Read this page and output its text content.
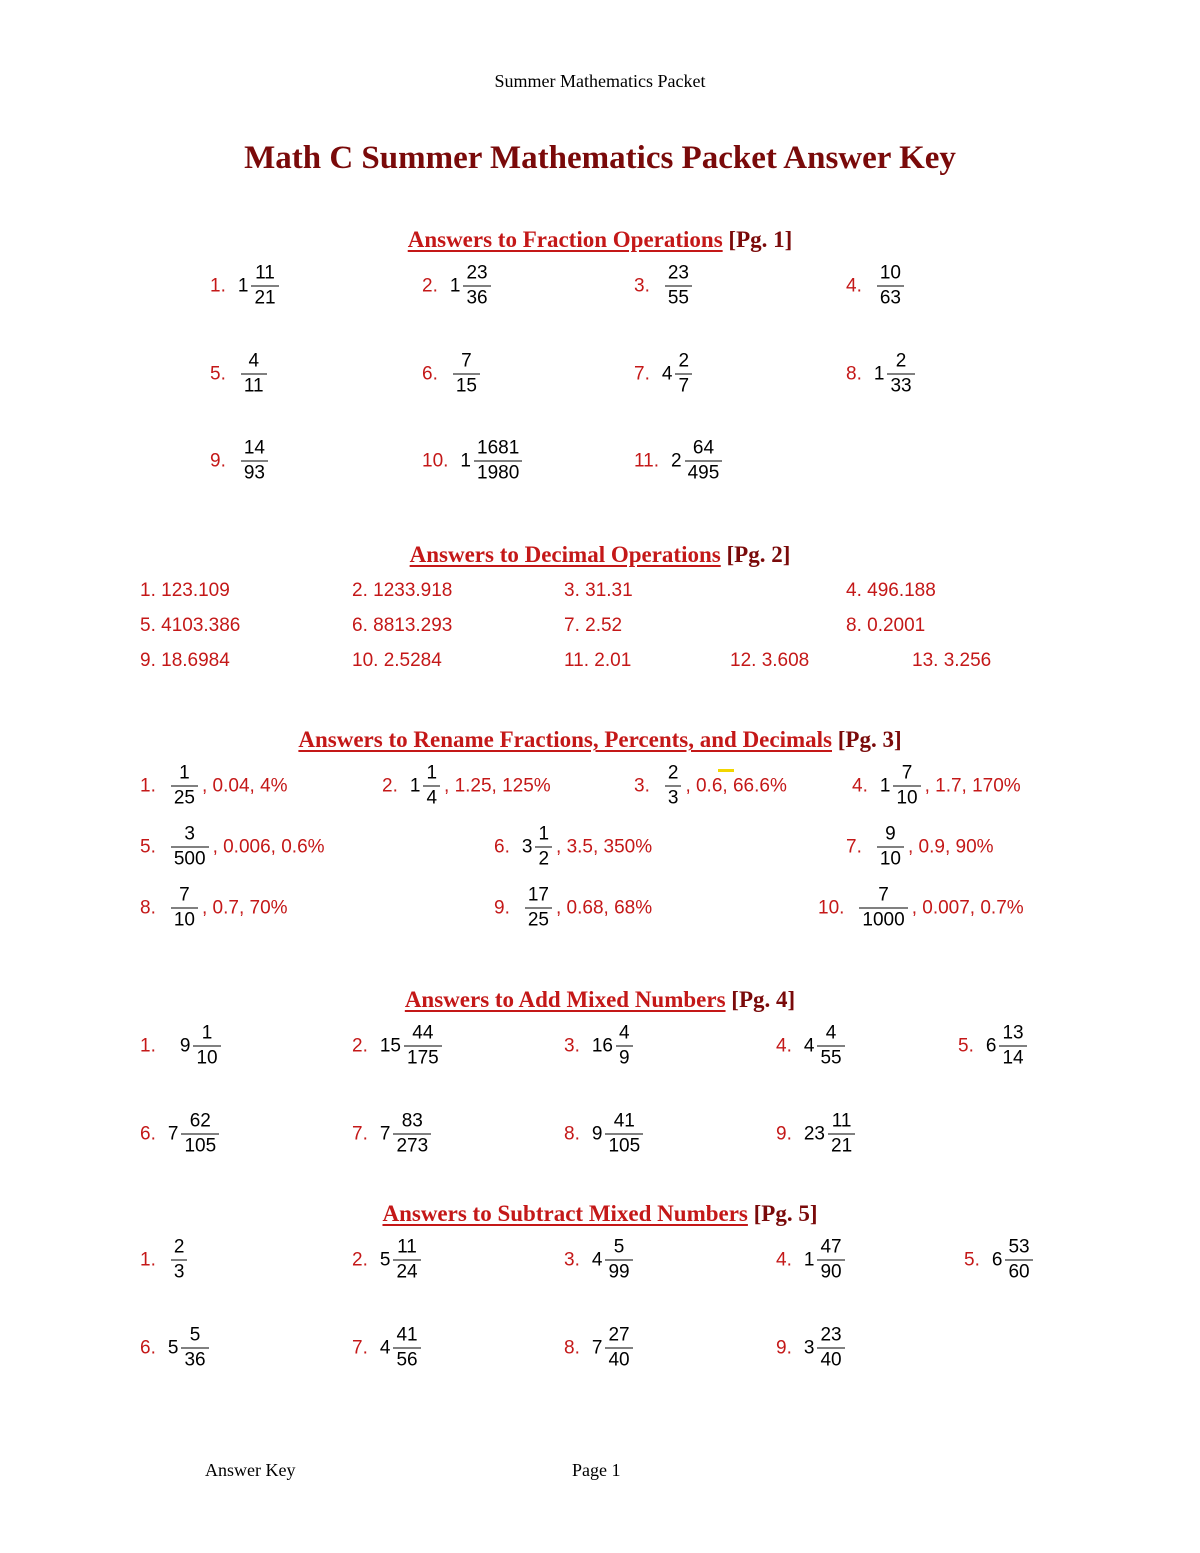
Summer Mathematics Packet
Math C Summer Mathematics Packet Answer Key
Answers to Fraction Operations [Pg. 1]
1. $1 \frac{11}{21}$	2. $1 \frac{23}{36}$	3. $\frac{23}{55}$	4. $\frac{10}{63}$
5. $\frac{4}{11}$	6. $\frac{7}{15}$	7. $4 \frac{2}{7}$	8. $1 \frac{2}{33}$
9. $\frac{14}{93}$	10. $1 \frac{1681}{1980}$	11. $2 \frac{64}{495}$
Answers to Decimal Operations [Pg. 2]
1. 123.109	2. 1233.918	3. 31.31	4. 496.188
5. 4103.386	6. 8813.293	7. 2.52	8. 0.2001
9. 18.6984	10. 2.5284	11. 2.01	12. 3.608	13. 3.256
Answers to Rename Fractions, Percents, and Decimals [Pg. 3]
1. $\frac{1}{25}$ , 0.04, 4%	2. $1 \frac{1}{4}$ , 1.25, 125%	3. $\frac{2}{3}$ , 0.6, 66.6%	4. $1 \frac{7}{10}$ , 1.7, 170%
5. $\frac{3}{500}$ , 0.006, 0.6%	6. $3 \frac{1}{2}$ , 3.5, 350%	7. $\frac{9}{10}$ , 0.9, 90%
8. $\frac{7}{10}$ , 0.7, 70%	9. $\frac{17}{25}$ , 0.68, 68%	10. $\frac{7}{1000}$ , 0.007, 0.7%
Answers to Add Mixed Numbers [Pg. 4]
1. $9 \frac{1}{10}$	2. $15 \frac{44}{175}$	3. $16 \frac{4}{9}$	4. $4 \frac{4}{55}$	5. $6 \frac{13}{14}$
6. $7 \frac{62}{105}$	7. $7 \frac{83}{273}$	8. $9 \frac{41}{105}$	9. $23 \frac{11}{21}$
Answers to Subtract Mixed Numbers [Pg. 5]
1. $\frac{2}{3}$	2. $5 \frac{11}{24}$	3. $4 \frac{5}{99}$	4. $1 \frac{47}{90}$	5. $6 \frac{53}{60}$
6. $5 \frac{5}{36}$	7. $4 \frac{41}{56}$	8. $7 \frac{27}{40}$	9. $3 \frac{23}{40}$
Answer Key	Page 1
